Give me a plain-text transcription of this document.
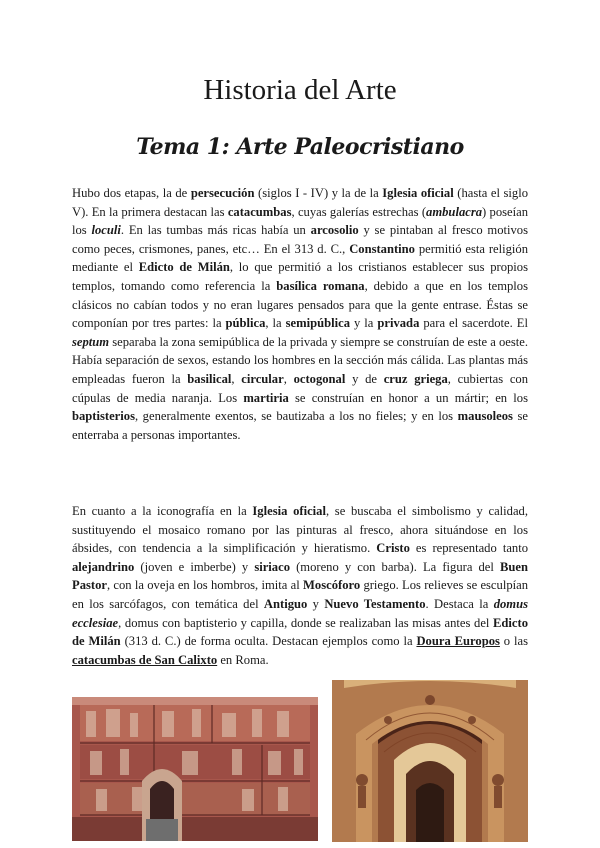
Historia del Arte
Tema 1: Arte Paleocristiano

Hubo dos etapas, la de persecución (siglos I - IV) y la de la Iglesia oficial (hasta el siglo V). En la primera destacan las catacumbas, cuyas galerías estrechas (ambulacra) poseían los loculi. En las tumbas más ricas había un arcosolio y se pintaban al fresco motivos como peces, crismones, panes, etc… En el 313 d. C., Constantino permitió esta religión mediante el Edicto de Milán, lo que permitió a los cristianos establecer sus propios templos, tomando como referencia la basílica romana, debido a que en los templos clásicos no cabían todos y no eran lugares pensados para que la gente entrase. Éstas se componían por tres partes: la pública, la semipública y la privada para el sacerdote. El septum separaba la zona semipública de la privada y siempre se construían de este a oeste. Había separación de sexos, estando los hombres en la sección más cálida. Las plantas más empleadas fueron la basilical, circular, octogonal y de cruz griega, cubiertas con cúpulas de media naranja. Los martiria se construían en honor a un mártir; en los baptisterios, generalmente exentos, se bautizaba a los no fieles; y en los mausoleos se enterraba a personas importantes.

En cuanto a la iconografía en la Iglesia oficial, se buscaba el simbolismo y calidad, sustituyendo el mosaico romano por las pinturas al fresco, ahora situándose en los ábsides, con tendencia a la simplificación y hieratismo. Cristo es representado tanto alejandrino (joven e imberbe) y siriaco (moreno y con barba). La figura del Buen Pastor, con la oveja en los hombros, imita al Moscóforo griego. Los relieves se esculpían en los sarcófagos, con temática del Antiguo y Nuevo Testamento. Destaca la domus ecclesiae, domus con baptisterio y capilla, donde se realizaban las misas antes del Edicto de Milán (313 d. C.) de forma oculta. Destacan ejemplos como la Doura Europos o las catacumbas de San Calixto en Roma.
